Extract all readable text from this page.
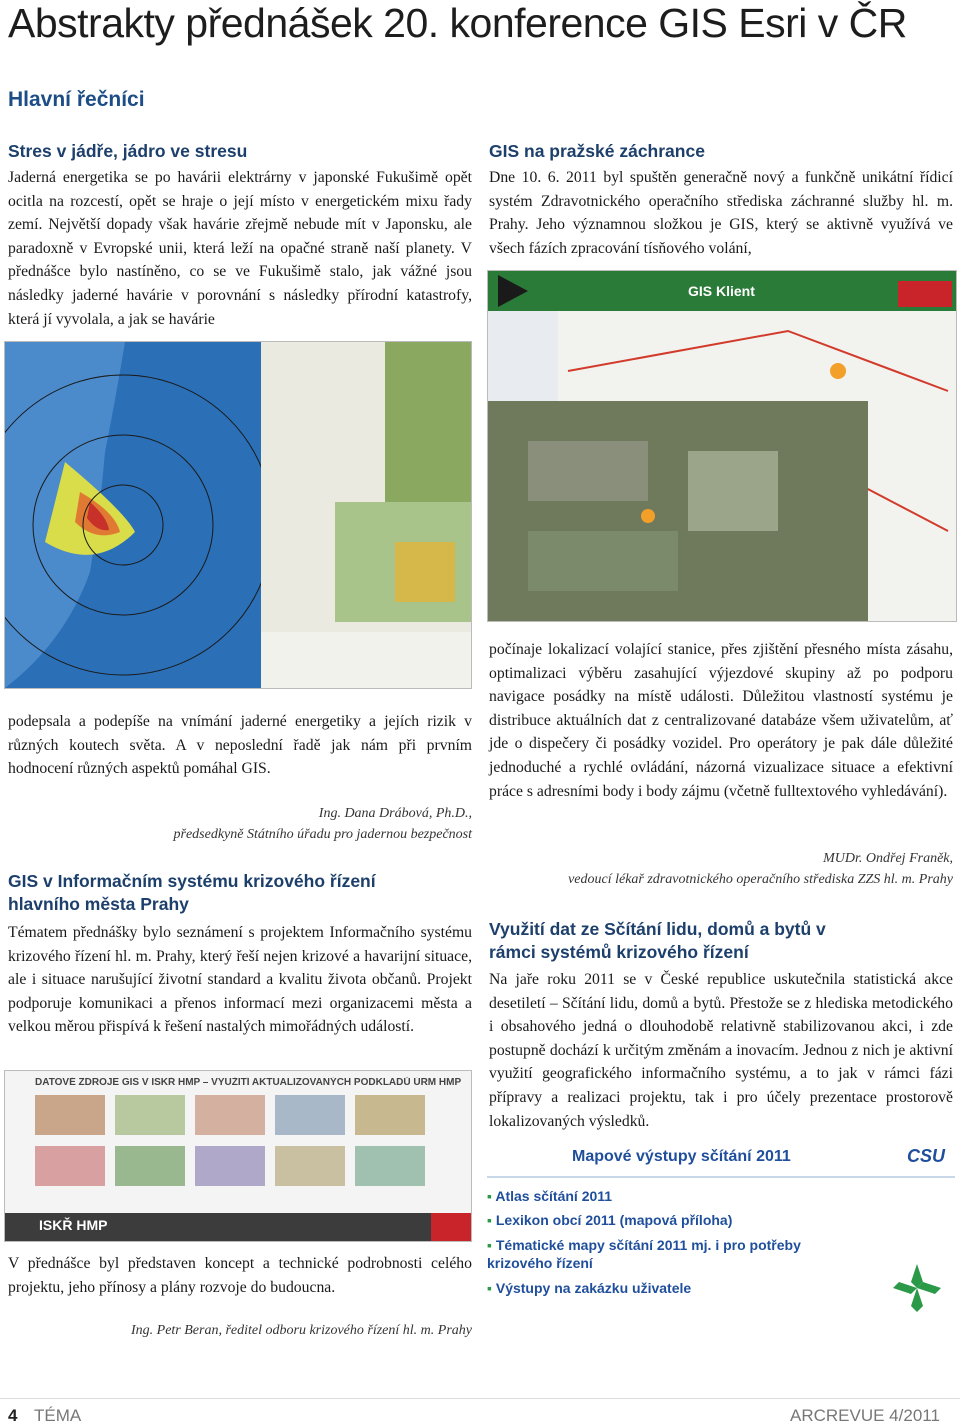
Abstrakty přednášek 20. konference GIS Esri v ČR
Hlavní řečníci
Stres v jádře, jádro ve stresu
Jaderná energetika se po havárii elektrárny v japonské Fukušimě opět ocitla na rozcestí, opět se hraje o její místo v energetickém mixu řady zemí. Největší dopady však havárie zřejmě nebude mít v Japonsku, ale paradoxně v Evropské unii, která leží na opačné straně naší planety. V přednášce bylo nastíněno, co se ve Fukušimě stalo, jak vážné jsou následky jaderné havárie v porovnání s následky přírodní katastrofy, která jí vyvolala, a jak se havárie
podepsala a podepíše na vnímání jaderné energetiky a jejích rizik v různých koutech světa. A v neposlední řadě jak nám při prvním hodnocení různých aspektů pomáhal GIS.
Ing. Dana Drábová, Ph.D.,
předsedkyně Státního úřadu pro jadernou bezpečnost
GIS v Informačním systému krizového řízení hlavního města Prahy
Tématem přednášky bylo seznámení s projektem Informačního systému krizového řízení hl. m. Prahy, který řeší nejen krizové a havarijní situace, ale i situace narušující životní standard a kvalitu života občanů. Projekt podporuje komunikaci a přenos informací mezi organizacemi města a velkou měrou přispívá k řešení nastalých mimořádných událostí.
DATOVÉ ZDROJE GIS V ISKŘ HMP – VYUŽITÍ AKTUALIZOVANÝCH PODKLADŮ ÚRM HMP
ISKŘ HMP
V přednášce byl představen koncept a technické podrobnosti celého projektu, jeho přínosy a plány rozvoje do budoucna.
Ing. Petr Beran, ředitel odboru krizového řízení hl. m. Prahy
GIS na pražské záchrance
Dne 10. 6. 2011 byl spuštěn generačně nový a funkčně unikátní řídicí systém Zdravotnického operačního střediska záchranné služby hl. m. Prahy. Jeho významnou složkou je GIS, který se aktivně využívá ve všech fázích zpracování tísňového volání,
GIS Klient
počínaje lokalizací volající stanice, přes zjištění přesného místa zásahu, optimalizaci výběru zasahující výjezdové skupiny až po podporu navigace posádky na místě události. Důležitou vlastností systému je distribuce aktuálních dat z centralizované databáze všem uživatelům, ať jde o dispečery či posádky vozidel. Pro operátory je pak dále důležité jednoduché a rychlé ovládání, názorná vizualizace situace a efektivní práce s adresními body i body zájmu (včetně fulltextového vyhledávání).
MUDr. Ondřej Franěk,
vedoucí lékař zdravotnického operačního střediska ZZS hl. m. Prahy
Využití dat ze Sčítání lidu, domů a bytů v rámci systémů krizového řízení
Na jaře roku 2011 se v České republice uskutečnila statistická akce desetiletí – Sčítání lidu, domů a bytů. Přestože se z hlediska metodického i obsahového jedná o dlouhodobě relativně stabilizovanou akci, i zde postupně dochází k určitým změnám a inovacím. Jednou z nich je aktivní využití geografického informačního systému, a to jak v rámci fázi přípravy a realizaci projektu, tak i pro účely prezentace prostorově lokalizovaných výsledků.
Mapové výstupy sčítání 2011	CSU
▪ Atlas sčítání 2011
▪ Lexikon obcí 2011 (mapová příloha)
▪ Tématické mapy sčítání 2011 mj. i pro potřeby krizového řízení
▪ Výstupy na zakázku uživatele
4 TÉMA	ARCREVUE 4/2011
